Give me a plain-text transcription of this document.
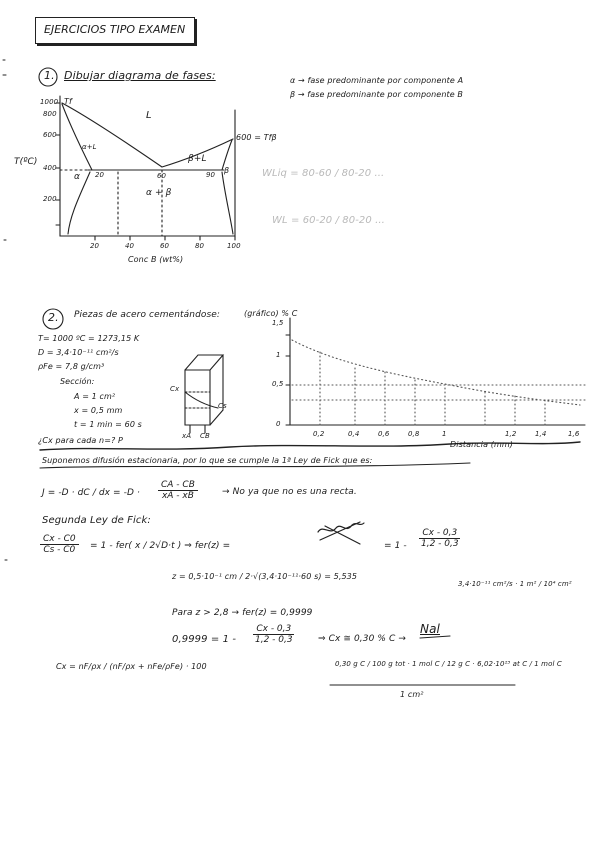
EJERCICIOS TIPO EXAMEN
1. Dibujar diagrama de fases:	α → fase predominante por componente A
β → fase predominante por componente B
T(ºC)
1000
800
600
400
200
20	40	60	80	100
Conc B (wt%)
Tf
600 = Tfβ
L
α+L
β+L
α
β
α + β
20	90
60	WLiq = 80-60 / 80-20 ...
WL = 60-20 / 80-20 ...
2. Piezas de acero cementándose:
T= 1000 ºC = 1273,15 K
D = 3,4·10⁻¹¹ cm²/s
ρFe = 7,8 g/cm³
Sección:
A = 1 cm²
x = 0,5 mm
t = 1 min = 60 s
¿Cx para cada n=? P
Cx
xA
Cs
CB
(gráfico) % C
1,5
1
0,5
0
0,2	0,4	0,6	0,8	1	1,2	1,4	1,6
Distancia (mm)
Suponemos difusión estacionaria, por lo que se cumple la 1ª Ley de Fick que es:
J = -D · dC / dx = $-D \cdot \frac{CA - CB}{xA - xB}$	→ No ya que no es una recta.
Segunda Ley de Fick:
$\frac{Cx - C0}{Cs - C0} = 1 - fer$( x / 2√D·t ) ⇒ fer(z) =	= $1 - \frac{Cx - 0,3}{1,2 - 0,3}$
z = 0,5·10⁻¹ cm / 2·√(3,4·10⁻¹¹·60 s) = 5,535
3,4·10⁻¹¹ cm²/s · 1 m² / 10⁴ cm²
Para z > 2,8 → fer(z) = 0,9999
$0,9999 = 1 - \frac{Cx - 0,3}{1,2 - 0,3}$ ⇒ Cx ≅ 0,30 % C →
Nal
Cx = nF/ρx / (nF/ρx + nFe/ρFe) · 100	0,30 g C / 100 g tot · 1 mol C / 12 g C · 6,02·10²³ at C / 1 mol C
1 cm²
